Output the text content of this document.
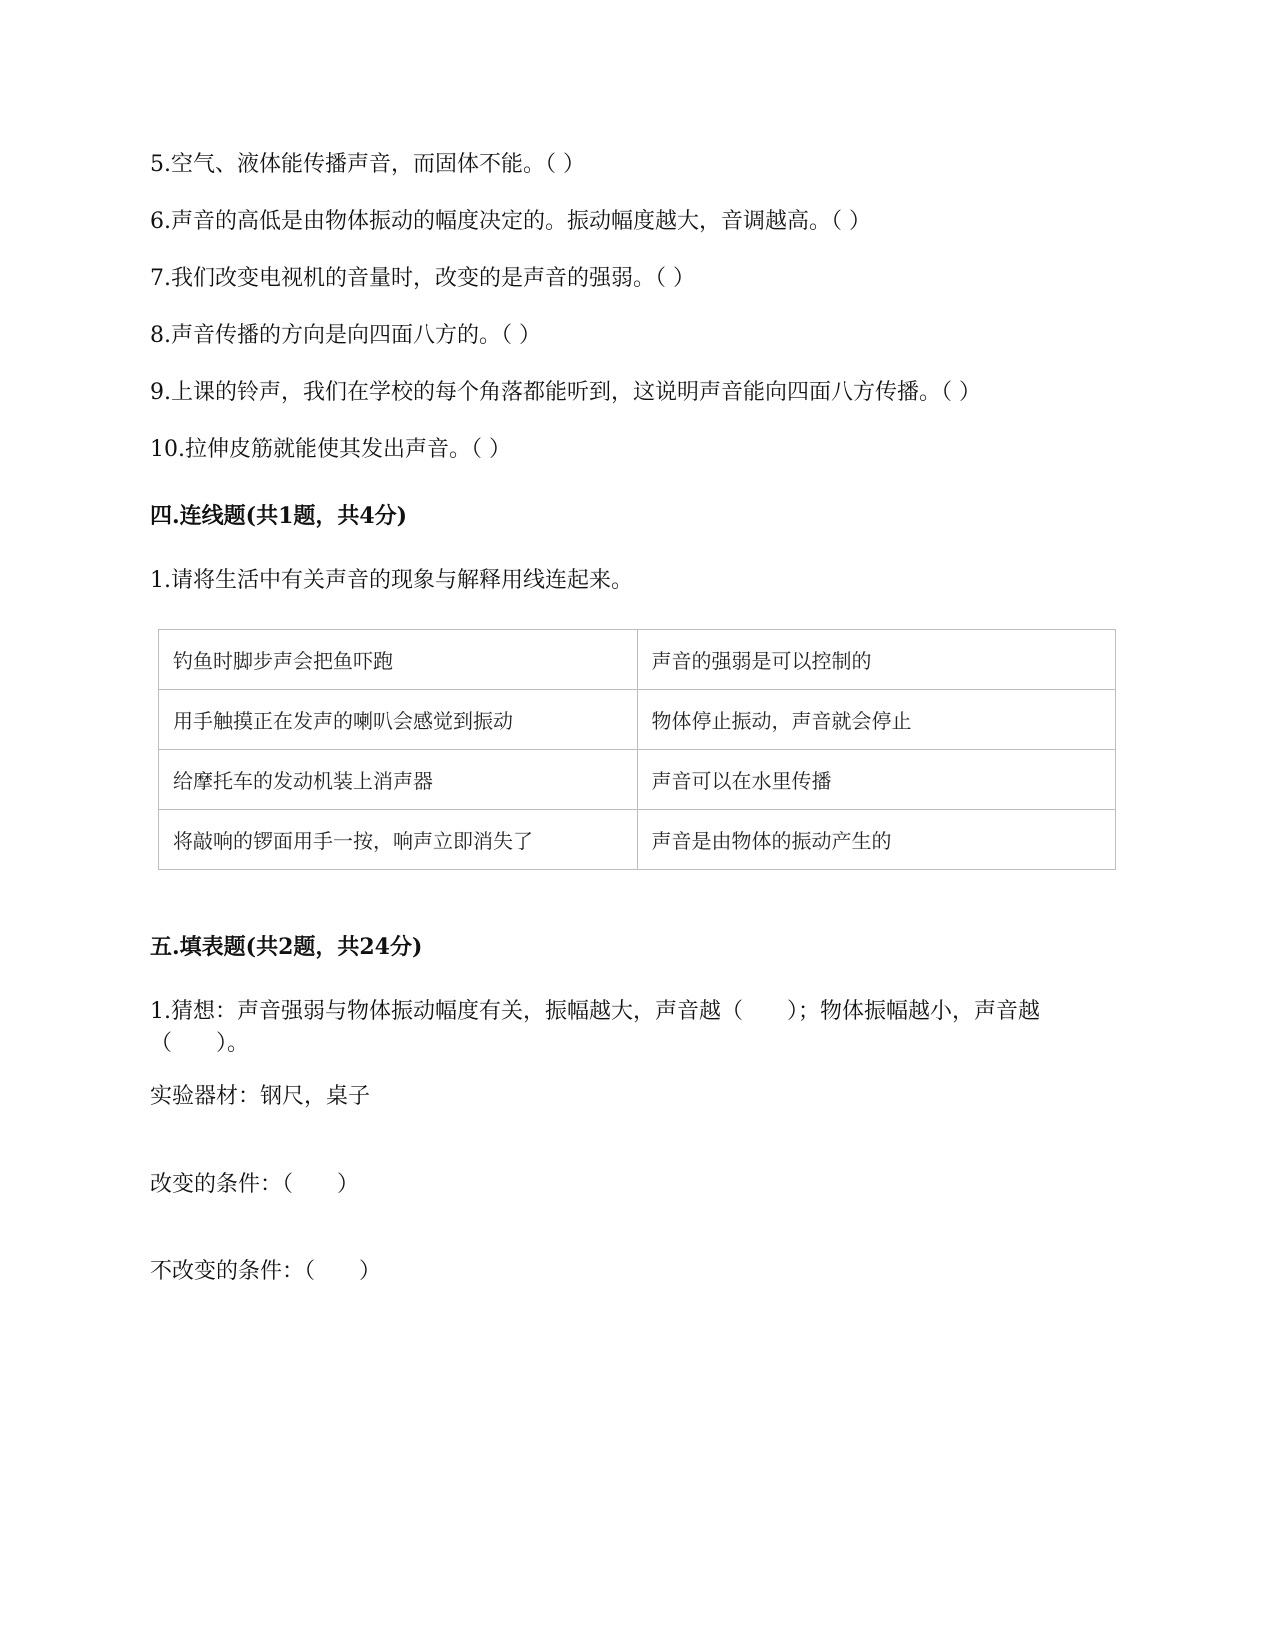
5.空气、液体能传播声音，而固体不能。（ ）
6.声音的高低是由物体振动的幅度决定的。振动幅度越大，音调越高。（ ）
7.我们改变电视机的音量时，改变的是声音的强弱。（ ）
8.声音传播的方向是向四面八方的。（ ）
9.上课的铃声，我们在学校的每个角落都能听到，这说明声音能向四面八方传播。（ ）
10.拉伸皮筋就能使其发出声音。（ ）
四.连线题(共1题，共4分)
1.请将生活中有关声音的现象与解释用线连起来。
钓鱼时脚步声会把鱼吓跑	声音的强弱是可以控制的
用手触摸正在发声的喇叭会感觉到振动	物体停止振动，声音就会停止
给摩托车的发动机装上消声器	声音可以在水里传播
将敲响的锣面用手一按，响声立即消失了	声音是由物体的振动产生的
五.填表题(共2题，共24分)
1.猜想：声音强弱与物体振动幅度有关，振幅越大，声音越（　　）；物体振幅越小，声音越（　　）。
实验器材：钢尺，桌子
改变的条件：（　　）
不改变的条件：（　　）
